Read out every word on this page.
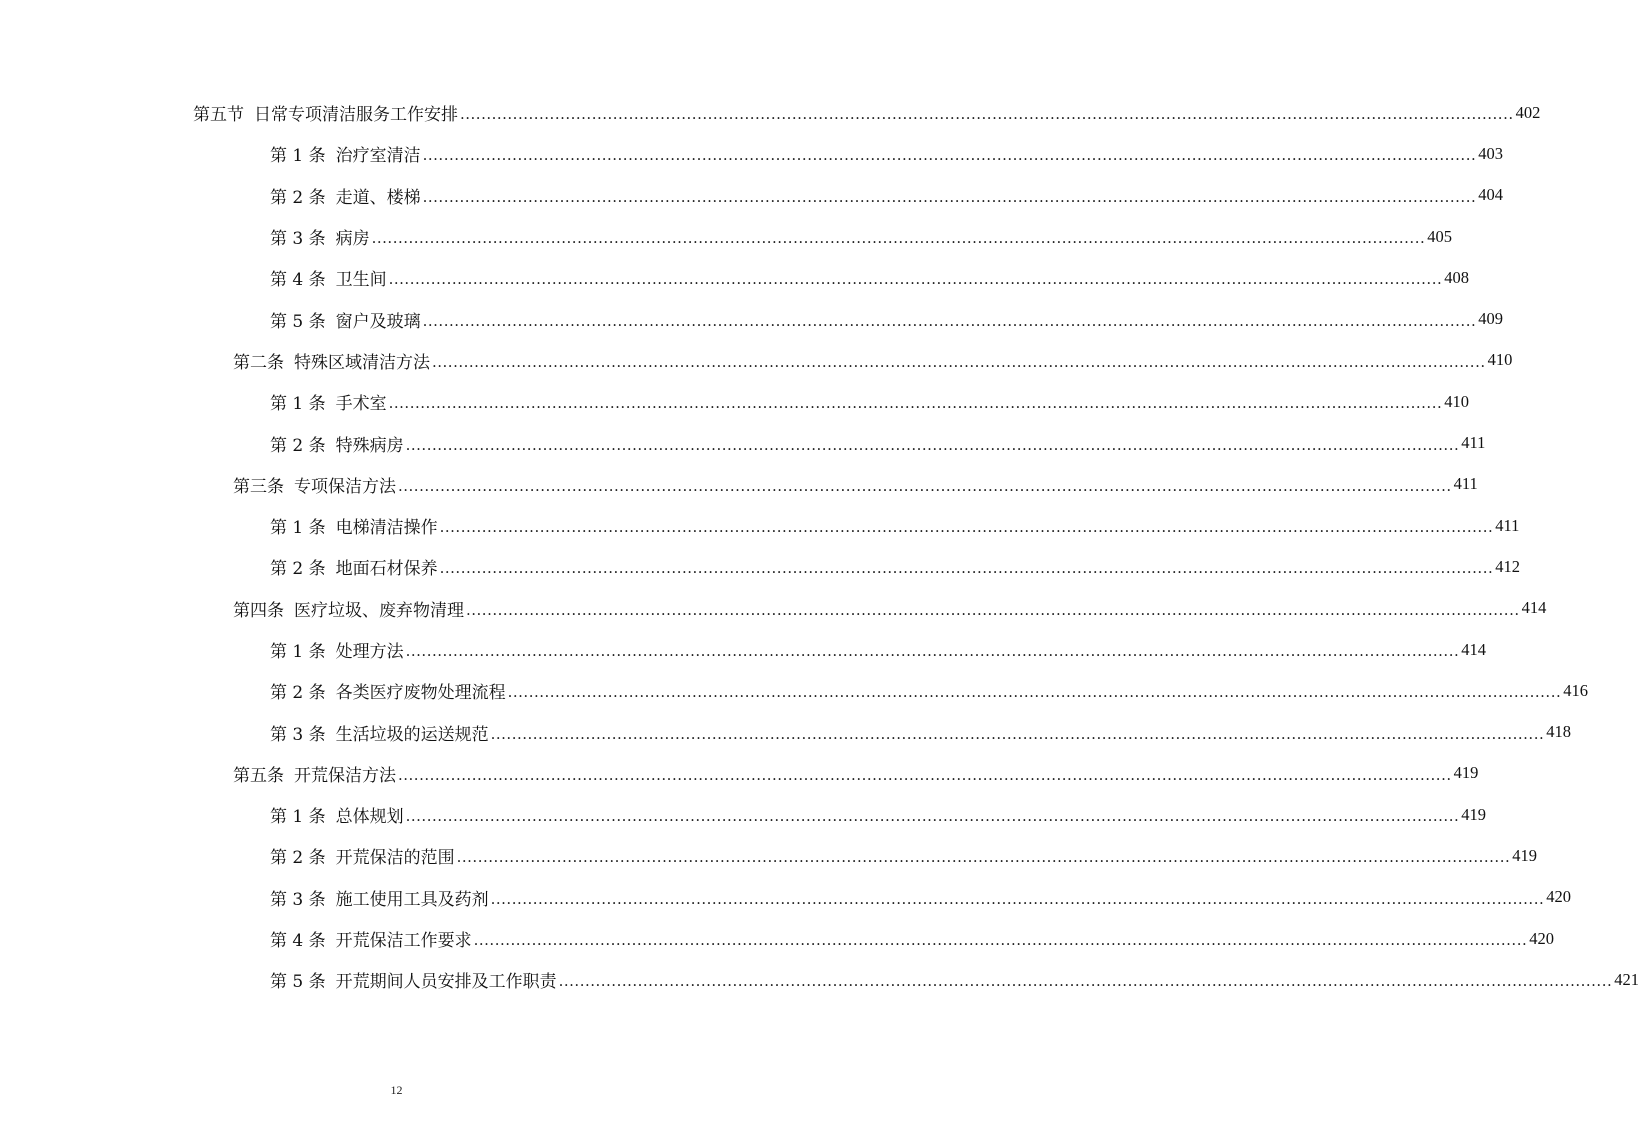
第五节 日常专项清洁服务工作安排 ........................................................................................................................................................................................................ 402
第 1 条 治疗室清洁 ........................................................................................................................................................................................................ 403
第 2 条 走道、楼梯 ........................................................................................................................................................................................................ 404
第 3 条 病房 ........................................................................................................................................................................................................ 405
第 4 条 卫生间 ........................................................................................................................................................................................................ 408
第 5 条 窗户及玻璃 ........................................................................................................................................................................................................ 409
第二条 特殊区域清洁方法 ........................................................................................................................................................................................................ 410
第 1 条 手术室 ........................................................................................................................................................................................................ 410
第 2 条 特殊病房 ........................................................................................................................................................................................................ 411
第三条 专项保洁方法 ........................................................................................................................................................................................................ 411
第 1 条 电梯清洁操作 ........................................................................................................................................................................................................ 411
第 2 条 地面石材保养 ........................................................................................................................................................................................................ 412
第四条 医疗垃圾、废弃物清理 ........................................................................................................................................................................................................ 414
第 1 条 处理方法 ........................................................................................................................................................................................................ 414
第 2 条 各类医疗废物处理流程 ........................................................................................................................................................................................................ 416
第 3 条 生活垃圾的运送规范 ........................................................................................................................................................................................................ 418
第五条 开荒保洁方法 ........................................................................................................................................................................................................ 419
第 1 条 总体规划 ........................................................................................................................................................................................................ 419
第 2 条 开荒保洁的范围 ........................................................................................................................................................................................................ 419
第 3 条 施工使用工具及药剂 ........................................................................................................................................................................................................ 420
第 4 条 开荒保洁工作要求 ........................................................................................................................................................................................................ 420
第 5 条 开荒期间人员安排及工作职责 ........................................................................................................................................................................................................ 421
12
